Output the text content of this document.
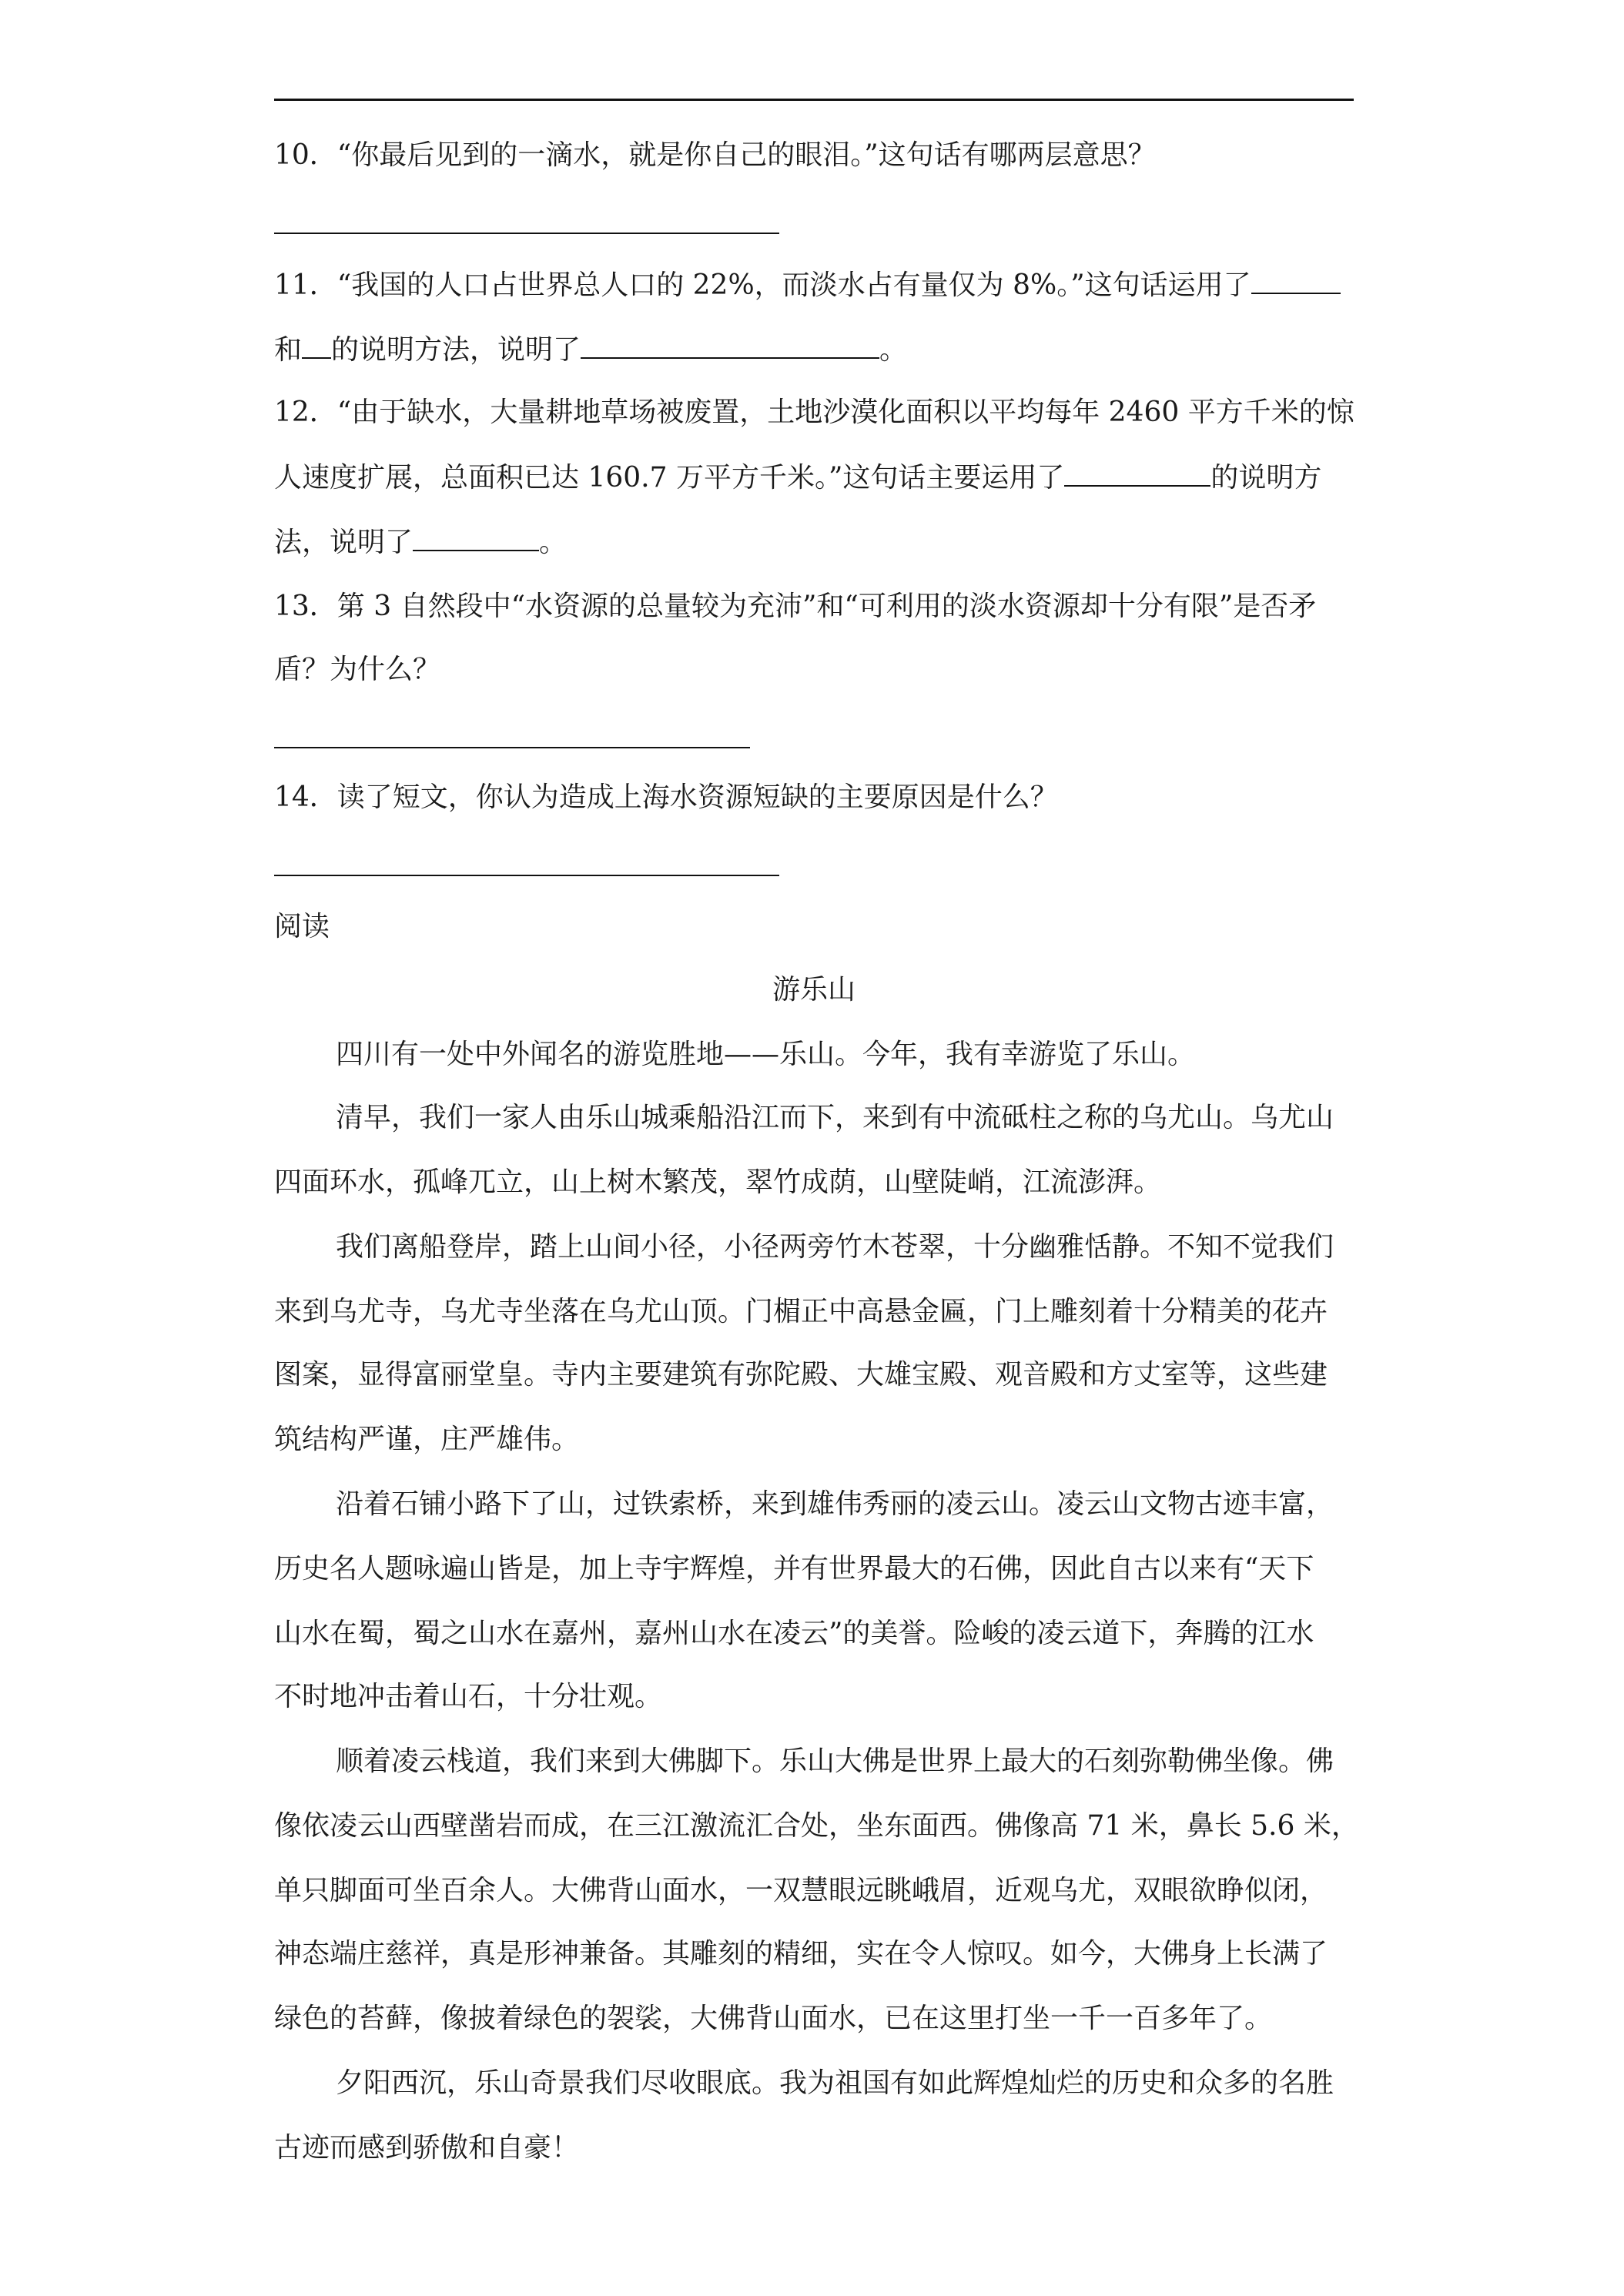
10．“你最后见到的一滴水，就是你自己的眼泪。”这句话有哪两层意思？
11．“我国的人口占世界总人口的 22%，而淡水占有量仅为 8%。”这句话运用了
和 的说明方法，说明了	。
12．“由于缺水，大量耕地草场被废置，土地沙漠化面积以平均每年 2460 平方千米的惊
人速度扩展，总面积已达 160.7 万平方千米。”这句话主要运用了	的说明方
法，说明了	。
13．第 3 自然段中“水资源的总量较为充沛”和“可利用的淡水资源却十分有限”是否矛
盾？为什么？
14．读了短文，你认为造成上海水资源短缺的主要原因是什么？
阅读
游乐山
四川有一处中外闻名的游览胜地——乐山。今年，我有幸游览了乐山。
清早，我们一家人由乐山城乘船沿江而下，来到有中流砥柱之称的乌尤山。乌尤山
四面环水，孤峰兀立，山上树木繁茂，翠竹成荫，山壁陡峭，江流澎湃。
我们离船登岸，踏上山间小径，小径两旁竹木苍翠，十分幽雅恬静。不知不觉我们
来到乌尤寺，乌尤寺坐落在乌尤山顶。门楣正中高悬金匾，门上雕刻着十分精美的花卉
图案，显得富丽堂皇。寺内主要建筑有弥陀殿、大雄宝殿、观音殿和方丈室等，这些建
筑结构严谨，庄严雄伟。
沿着石铺小路下了山，过铁索桥，来到雄伟秀丽的凌云山。凌云山文物古迹丰富，
历史名人题咏遍山皆是，加上寺宇辉煌，并有世界最大的石佛，因此自古以来有“天下
山水在蜀，蜀之山水在嘉州，嘉州山水在凌云”的美誉。险峻的凌云道下，奔腾的江水
不时地冲击着山石，十分壮观。
顺着凌云栈道，我们来到大佛脚下。乐山大佛是世界上最大的石刻弥勒佛坐像。佛
像依凌云山西壁凿岩而成，在三江激流汇合处，坐东面西。佛像高 71 米，鼻长 5.6 米，
单只脚面可坐百余人。大佛背山面水，一双慧眼远眺峨眉，近观乌尤，双眼欲睁似闭，
神态端庄慈祥，真是形神兼备。其雕刻的精细，实在令人惊叹。如今，大佛身上长满了
绿色的苔藓，像披着绿色的袈裟，大佛背山面水，已在这里打坐一千一百多年了。
夕阳西沉，乐山奇景我们尽收眼底。我为祖国有如此辉煌灿烂的历史和众多的名胜
古迹而感到骄傲和自豪！
